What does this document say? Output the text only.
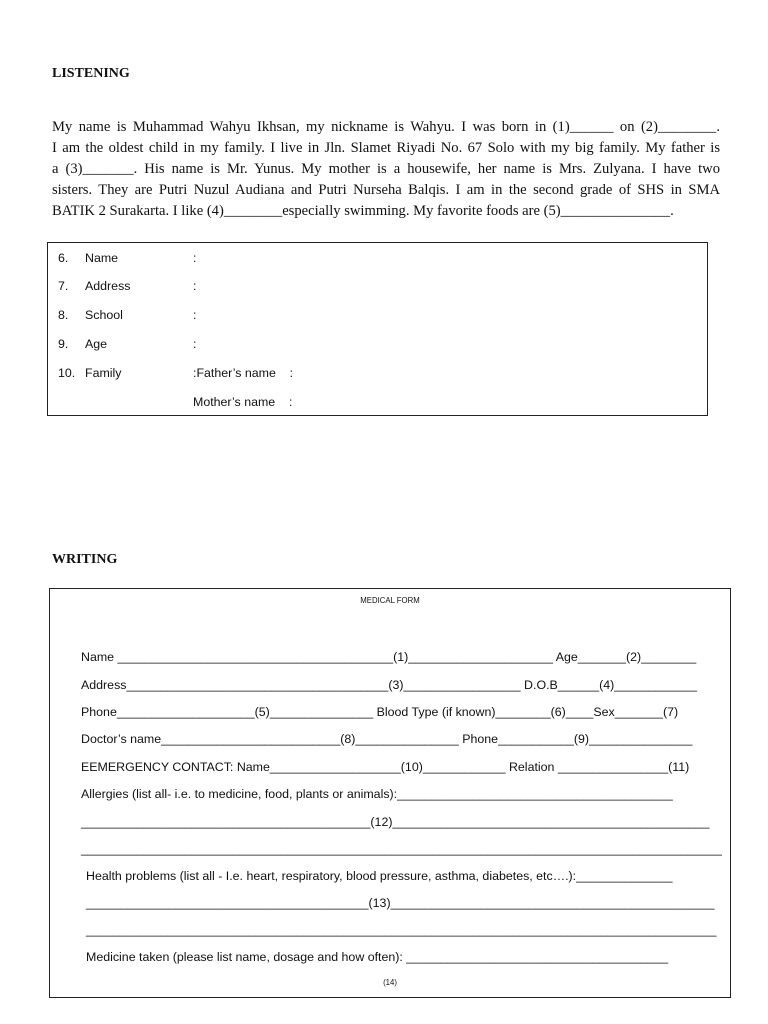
LISTENING
My name is Muhammad Wahyu Ikhsan, my nickname is Wahyu. I was born in (1)______ on (2)________.
I am the oldest child in my family. I live in Jln. Slamet Riyadi No. 67 Solo with my big family. My father is
a (3)_______. His name is Mr. Yunus. My mother is a housewife, her name is Mrs. Zulyana. I have two
sisters. They are Putri Nuzul Audiana and Putri Nurseha Balqis. I am in the second grade of SHS in SMA
BATIK 2 Surakarta. I like (4)________especially swimming. My favorite foods are (5)_______________.
6. Name	:
7. Address	:
8. School	:
9. Age	:
10. Family	:Father’s name    :
Mother’s name    :
WRITING
MEDICAL FORM
Name ________________________________________(1)_____________________ Age_______(2)________
Address______________________________________(3)_________________ D.O.B______(4)____________
Phone____________________(5)_______________ Blood Type (if known)________(6)____Sex_______(7)
Doctor’s name__________________________(8)_______________ Phone___________(9)_______________
EEMERGENCY CONTACT: Name___________________(10)____________ Relation ________________(11)
Allergies (list all- i.e. to medicine, food, plants or animals):________________________________________
__________________________________________(12)______________________________________________
_____________________________________________________________________________________________
Health problems (list all - I.e. heart, respiratory, blood pressure, asthma, diabetes, etc….):______________
_________________________________________(13)_______________________________________________
_____________________________________________________________________________________________
Medicine taken (please list name, dosage and how often): ______________________________________
(14)
